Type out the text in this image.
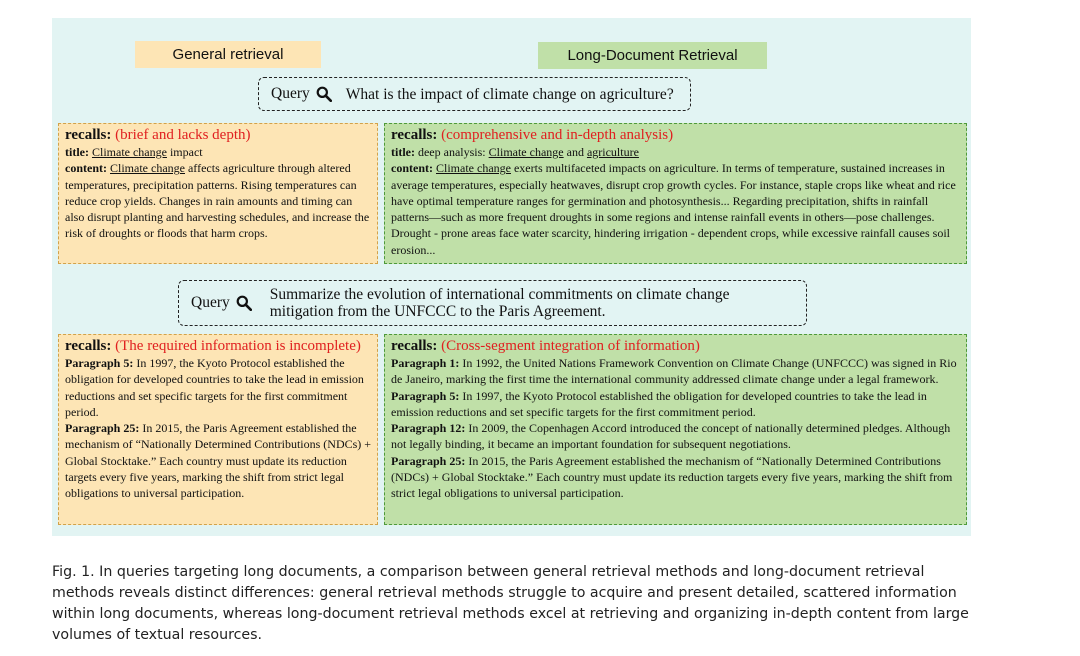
General retrieval	Long-Document Retrieval
Query What is the impact of climate change on agriculture?
recalls: (brief and lacks depth)

title: Climate change impact

content: Climate change affects agriculture through altered temperatures, precipitation patterns. Rising temperatures can reduce crop yields. Changes in rain amounts and timing can also disrupt planting and harvesting schedules, and increase the risk of droughts or floods that harm crops.

recalls: (comprehensive and in-depth analysis)

title: deep analysis: Climate change and agriculture

content: Climate change exerts multifaceted impacts on agriculture. In terms of temperature, sustained increases in average temperatures, especially heatwaves, disrupt crop growth cycles. For instance, staple crops like wheat and rice have optimal temperature ranges for germination and photosynthesis... Regarding precipitation, shifts in rainfall patterns—such as more frequent droughts in some regions and intense rainfall events in others—pose challenges. Drought - prone areas face water scarcity, hindering irrigation - dependent crops, while excessive rainfall causes soil erosion...

Query	Summarize the evolution of international commitments on climate change mitigation from the UNFCCC to the Paris Agreement.
recalls: (The required information is incomplete)

Paragraph 5: In 1997, the Kyoto Protocol established the obligation for developed countries to take the lead in emission reductions and set specific targets for the first commitment period.

Paragraph 25: In 2015, the Paris Agreement established the mechanism of “Nationally Determined Contributions (NDCs) + Global Stocktake.” Each country must update its reduction targets every five years, marking the shift from strict legal obligations to universal participation.

recalls: (Cross-segment integration of information)

Paragraph 1: In 1992, the United Nations Framework Convention on Climate Change (UNFCCC) was signed in Rio de Janeiro, marking the first time the international community addressed climate change under a legal framework.

Paragraph 5: In 1997, the Kyoto Protocol established the obligation for developed countries to take the lead in emission reductions and set specific targets for the first commitment period.

Paragraph 12: In 2009, the Copenhagen Accord introduced the concept of nationally determined pledges. Although not legally binding, it became an important foundation for subsequent negotiations.

Paragraph 25: In 2015, the Paris Agreement established the mechanism of “Nationally Determined Contributions (NDCs) + Global Stocktake.” Each country must update its reduction targets every five years, marking the shift from strict legal obligations to universal participation.

Fig. 1. In queries targeting long documents, a comparison between general retrieval methods and long-document retrieval methods reveals distinct differences: general retrieval methods struggle to acquire and present detailed, scattered information within long documents, whereas long-document retrieval methods excel at retrieving and organizing in-depth content from large volumes of textual resources.
